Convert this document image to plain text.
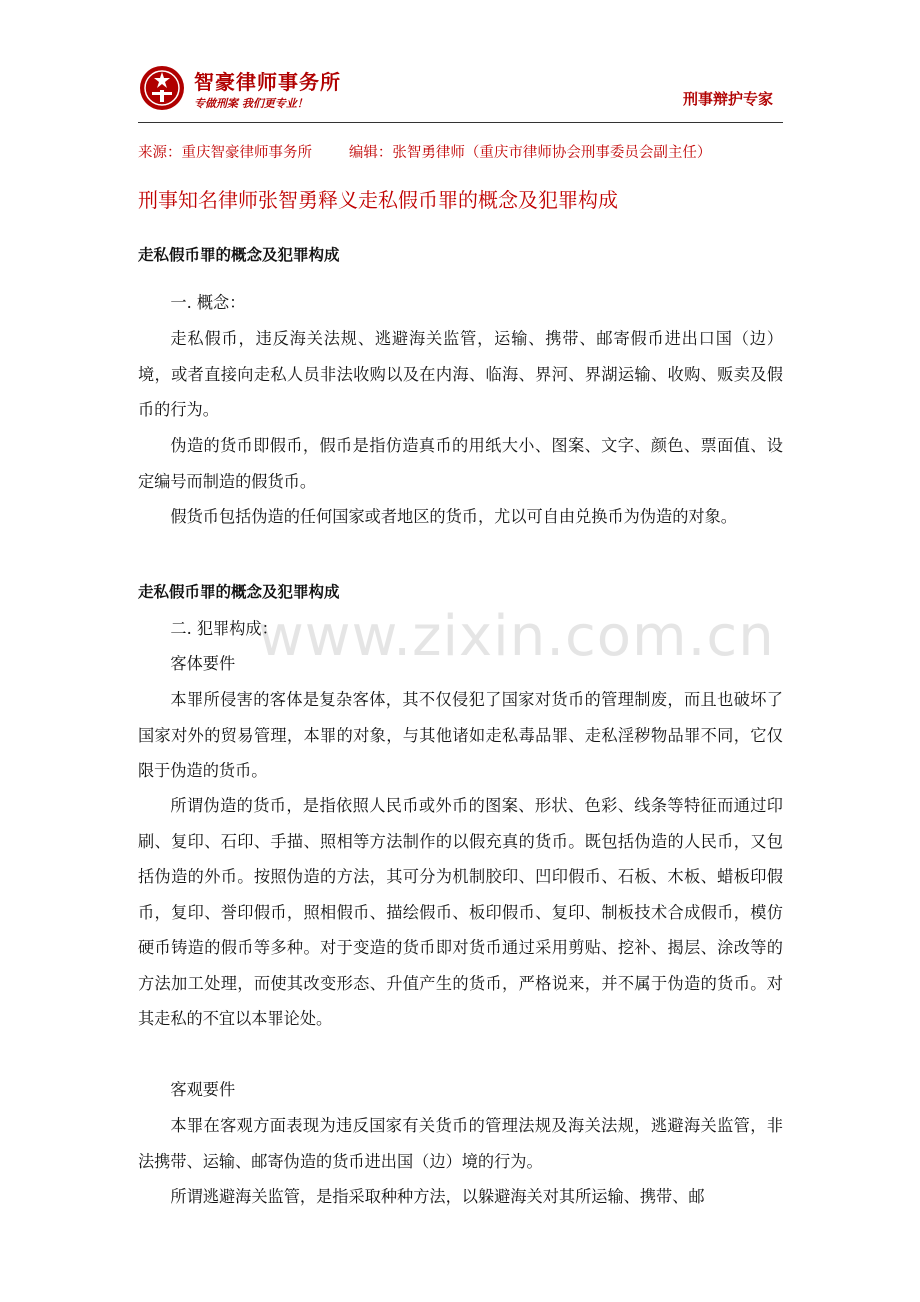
智豪律师事务所
专做刑案 我们更专业！	刑事辩护专家
来源：重庆智豪律师事务所        编辑：张智勇律师（重庆市律师协会刑事委员会副主任）
刑事知名律师张智勇释义走私假币罪的概念及犯罪构成
走私假币罪的概念及犯罪构成

一. 概念：

走私假币，违反海关法规、逃避海关监管，运输、携带、邮寄假币进出口国（边）境，或者直接向走私人员非法收购以及在内海、临海、界河、界湖运输、收购、贩卖及假币的行为。

伪造的货币即假币，假币是指仿造真币的用纸大小、图案、文字、颜色、票面值、设定编号而制造的假货币。

假货币包括伪造的任何国家或者地区的货币，尤以可自由兑换币为伪造的对象。

走私假币罪的概念及犯罪构成
www.zixin.com.cn

二. 犯罪构成：

客体要件

本罪所侵害的客体是复杂客体，其不仅侵犯了国家对货币的管理制废，而且也破坏了国家对外的贸易管理，本罪的对象，与其他诸如走私毒品罪、走私淫秽物品罪不同，它仅限于伪造的货币。

所谓伪造的货币，是指依照人民币或外币的图案、形状、色彩、线条等特征而通过印刷、复印、石印、手描、照相等方法制作的以假充真的货币。既包括伪造的人民币，又包括伪造的外币。按照伪造的方法，其可分为机制胶印、凹印假币、石板、木板、蜡板印假币，复印、誉印假币，照相假币、描绘假币、板印假币、复印、制板技术合成假币，模仿硬币铸造的假币等多种。对于变造的货币即对货币通过采用剪贴、挖补、揭层、涂改等的方法加工处理，而使其改变形态、升值产生的货币，严格说来，并不属于伪造的货币。对其走私的不宜以本罪论处。

客观要件

本罪在客观方面表现为违反国家有关货币的管理法规及海关法规，逃避海关监管，非法携带、运输、邮寄伪造的货币进出国（边）境的行为。

所谓逃避海关监管，是指采取种种方法，以躲避海关对其所运输、携带、邮
